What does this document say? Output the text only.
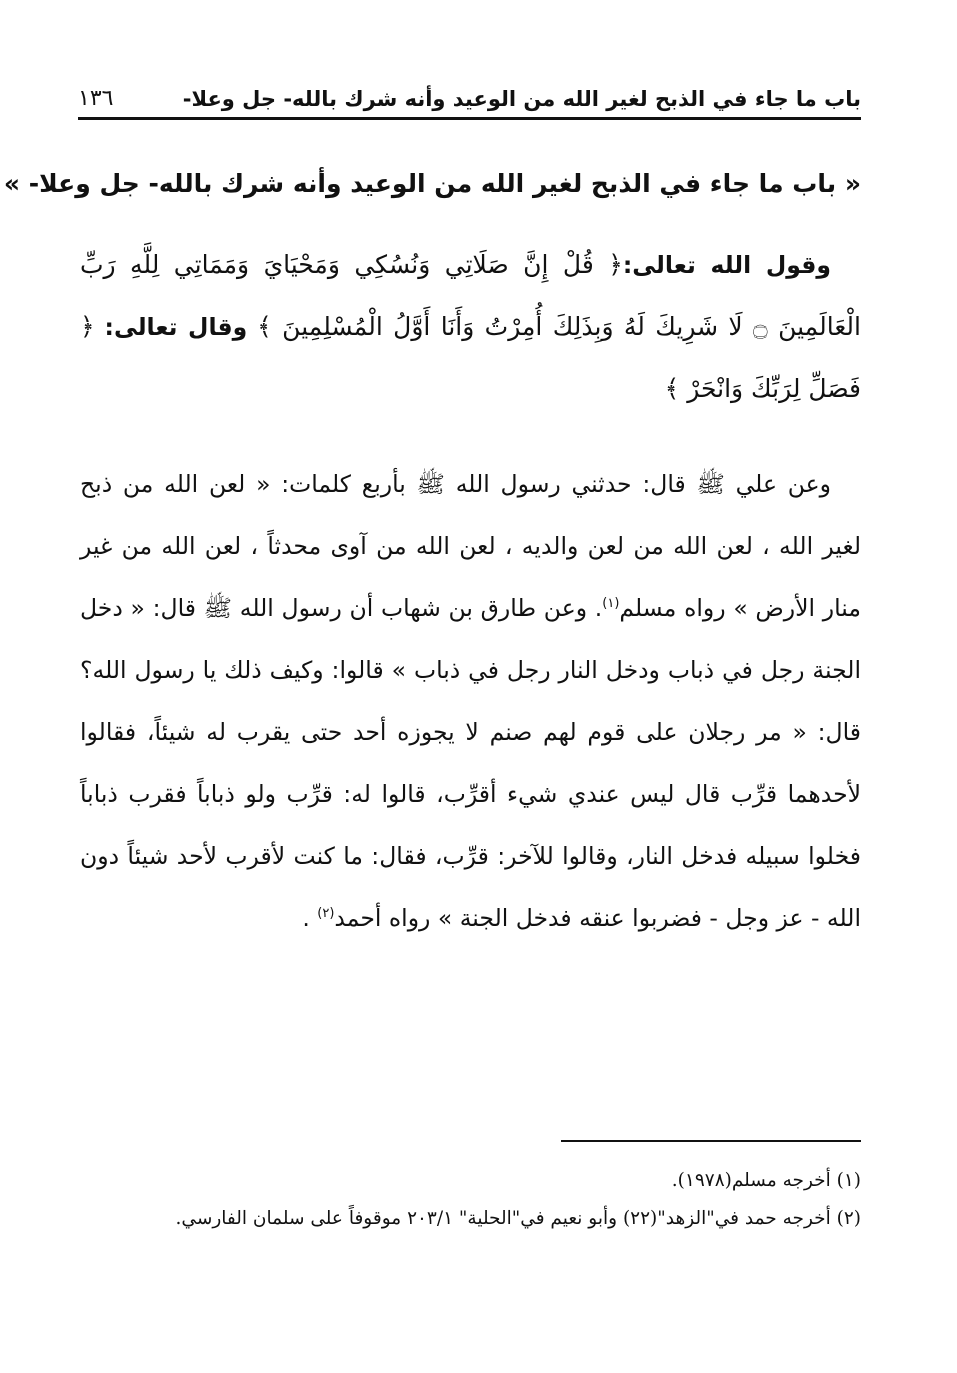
باب ما جاء في الذبح لغير الله من الوعيد وأنه شرك بالله- جل وعلا-
١٣٦
« باب ما جاء في الذبح لغير الله من الوعيد وأنه شرك بالله- جل وعلا- »

وقول الله تعالى:﴿ قُلْ إِنَّ صَلَاتِي وَنُسُكِي وَمَحْيَايَ وَمَمَاتِي لِلَّهِ رَبِّ الْعَالَمِينَ ۝ لَا شَرِيكَ لَهُ وَبِذَلِكَ أُمِرْتُ وَأَنَا أَوَّلُ الْمُسْلِمِينَ ﴾ وقال تعالى: ﴿ فَصَلِّ لِرَبِّكَ وَانْحَرْ ﴾

وعن علي ﷺ قال: حدثني رسول الله ﷺ بأربع كلمات: « لعن الله من ذبح لغير الله ، لعن الله من لعن والديه ، لعن الله من آوى محدثاً ، لعن الله من غير منار الأرض » رواه مسلم$^{(١)}$. وعن طارق بن شهاب أن رسول الله ﷺ قال: « دخل الجنة رجل في ذباب ودخل النار رجل في ذباب » قالوا: وكيف ذلك يا رسول الله؟ قال: « مر رجلان على قوم لهم صنم لا يجوزه أحد حتى يقرب له شيئاً، فقالوا لأحدهما قرِّب قال ليس عندي شيء أقرِّب، قالوا له: قرِّب ولو ذباباً فقرب ذباباً فخلوا سبيله فدخل النار، وقالوا للآخر: قرِّب، فقال: ما كنت لأقرب لأحد شيئاً دون الله - عز وجل - فضربوا عنقه فدخل الجنة » رواه أحمد$^{(٢)}$ .

(١) أخرجه مسلم(١٩٧٨).
(٢) أخرجه حمد في"الزهد"(٢٢) وأبو نعيم في"الحلية" ٢٠٣/١ موقوفاً على سلمان الفارسي.
